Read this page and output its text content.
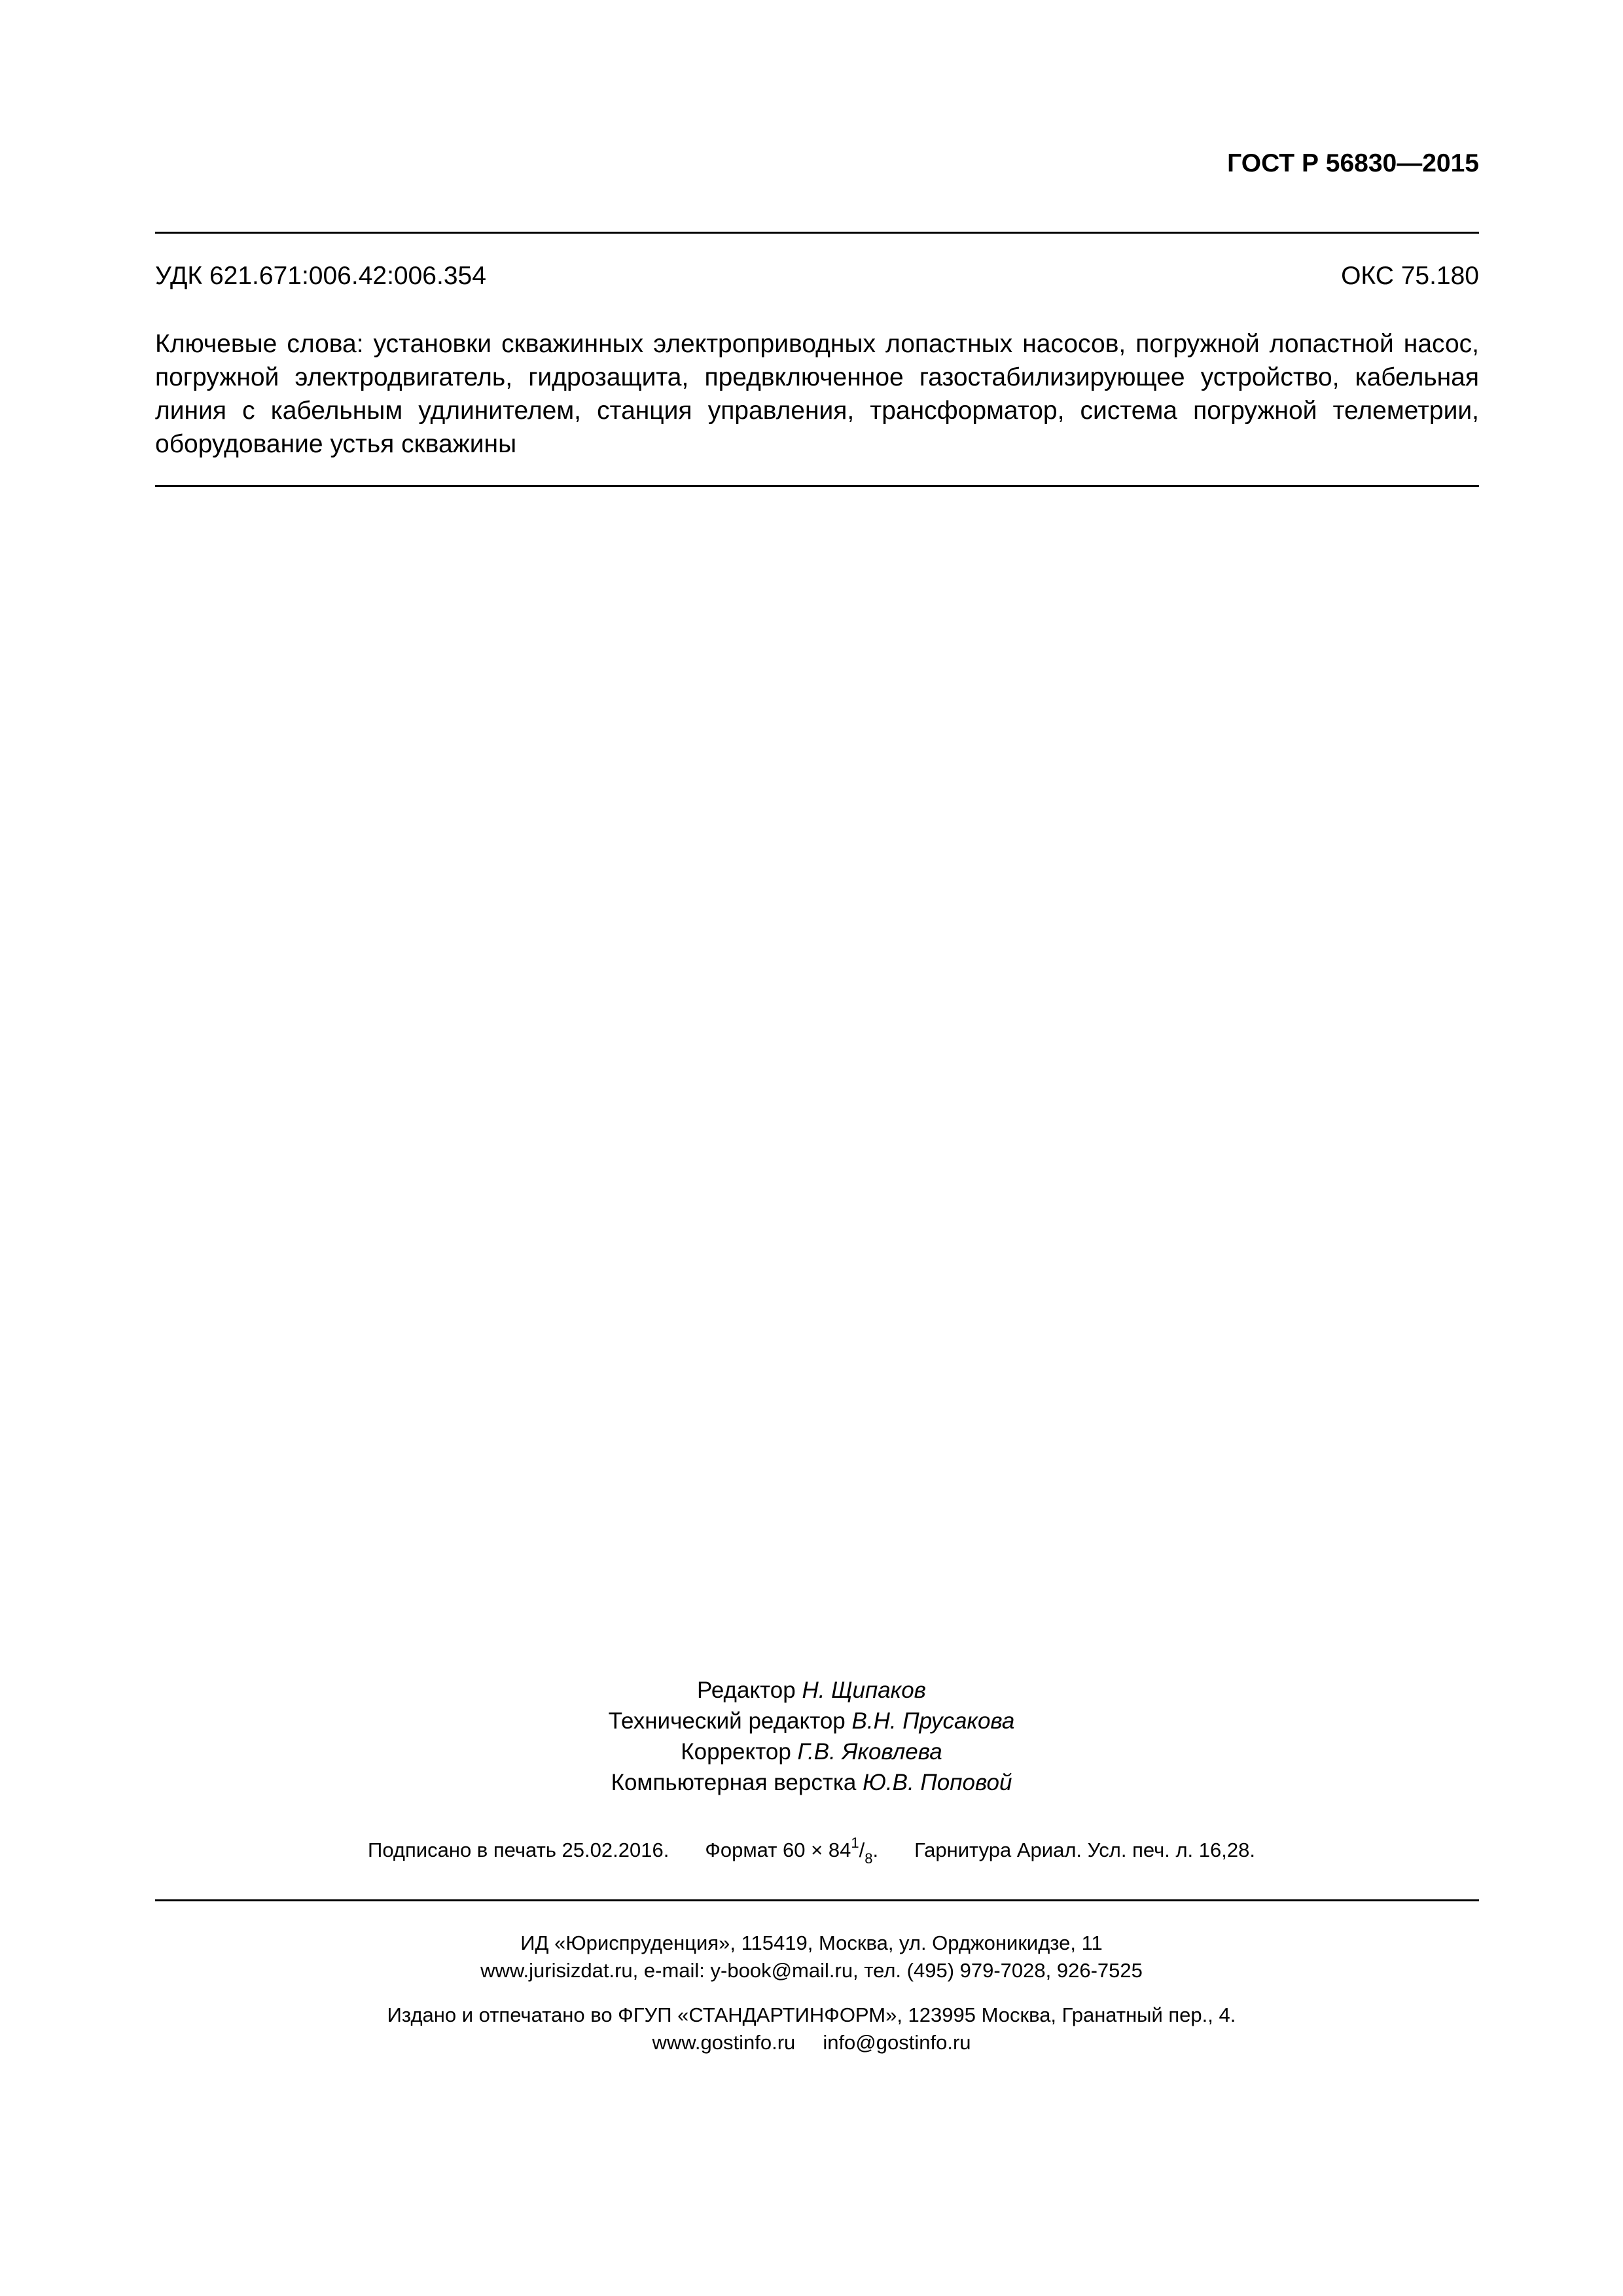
ГОСТ Р 56830—2015
УДК 621.671:006.42:006.354	ОКС 75.180
Ключевые слова: установки скважинных электроприводных лопастных насосов, погружной лопастной насос, погружной электродвигатель, гидрозащита, предвключенное газостабилизирующее устройство, кабельная линия с кабельным удлинителем, станция управления, трансформатор, система погружной телеметрии, оборудование устья скважины
Редактор Н. Щипаков
Технический редактор В.Н. Прусакова
Корректор Г.В. Яковлева
Компьютерная верстка Ю.В. Поповой
Подписано в печать 25.02.2016. Формат $60 \times 84^1/_8$. Гарнитура Ариал. Усл. печ. л. 16,28.
ИД «Юриспруденция», 115419, Москва, ул. Орджоникидзе, 11
www.jurisizdat.ru, e-mail: y-book@mail.ru, тел. (495) 979-7028, 926-7525
Издано и отпечатано во ФГУП «СТАНДАРТИНФОРМ», 123995 Москва, Гранатный пер., 4.
www.gostinfo.ru info@gostinfo.ru
